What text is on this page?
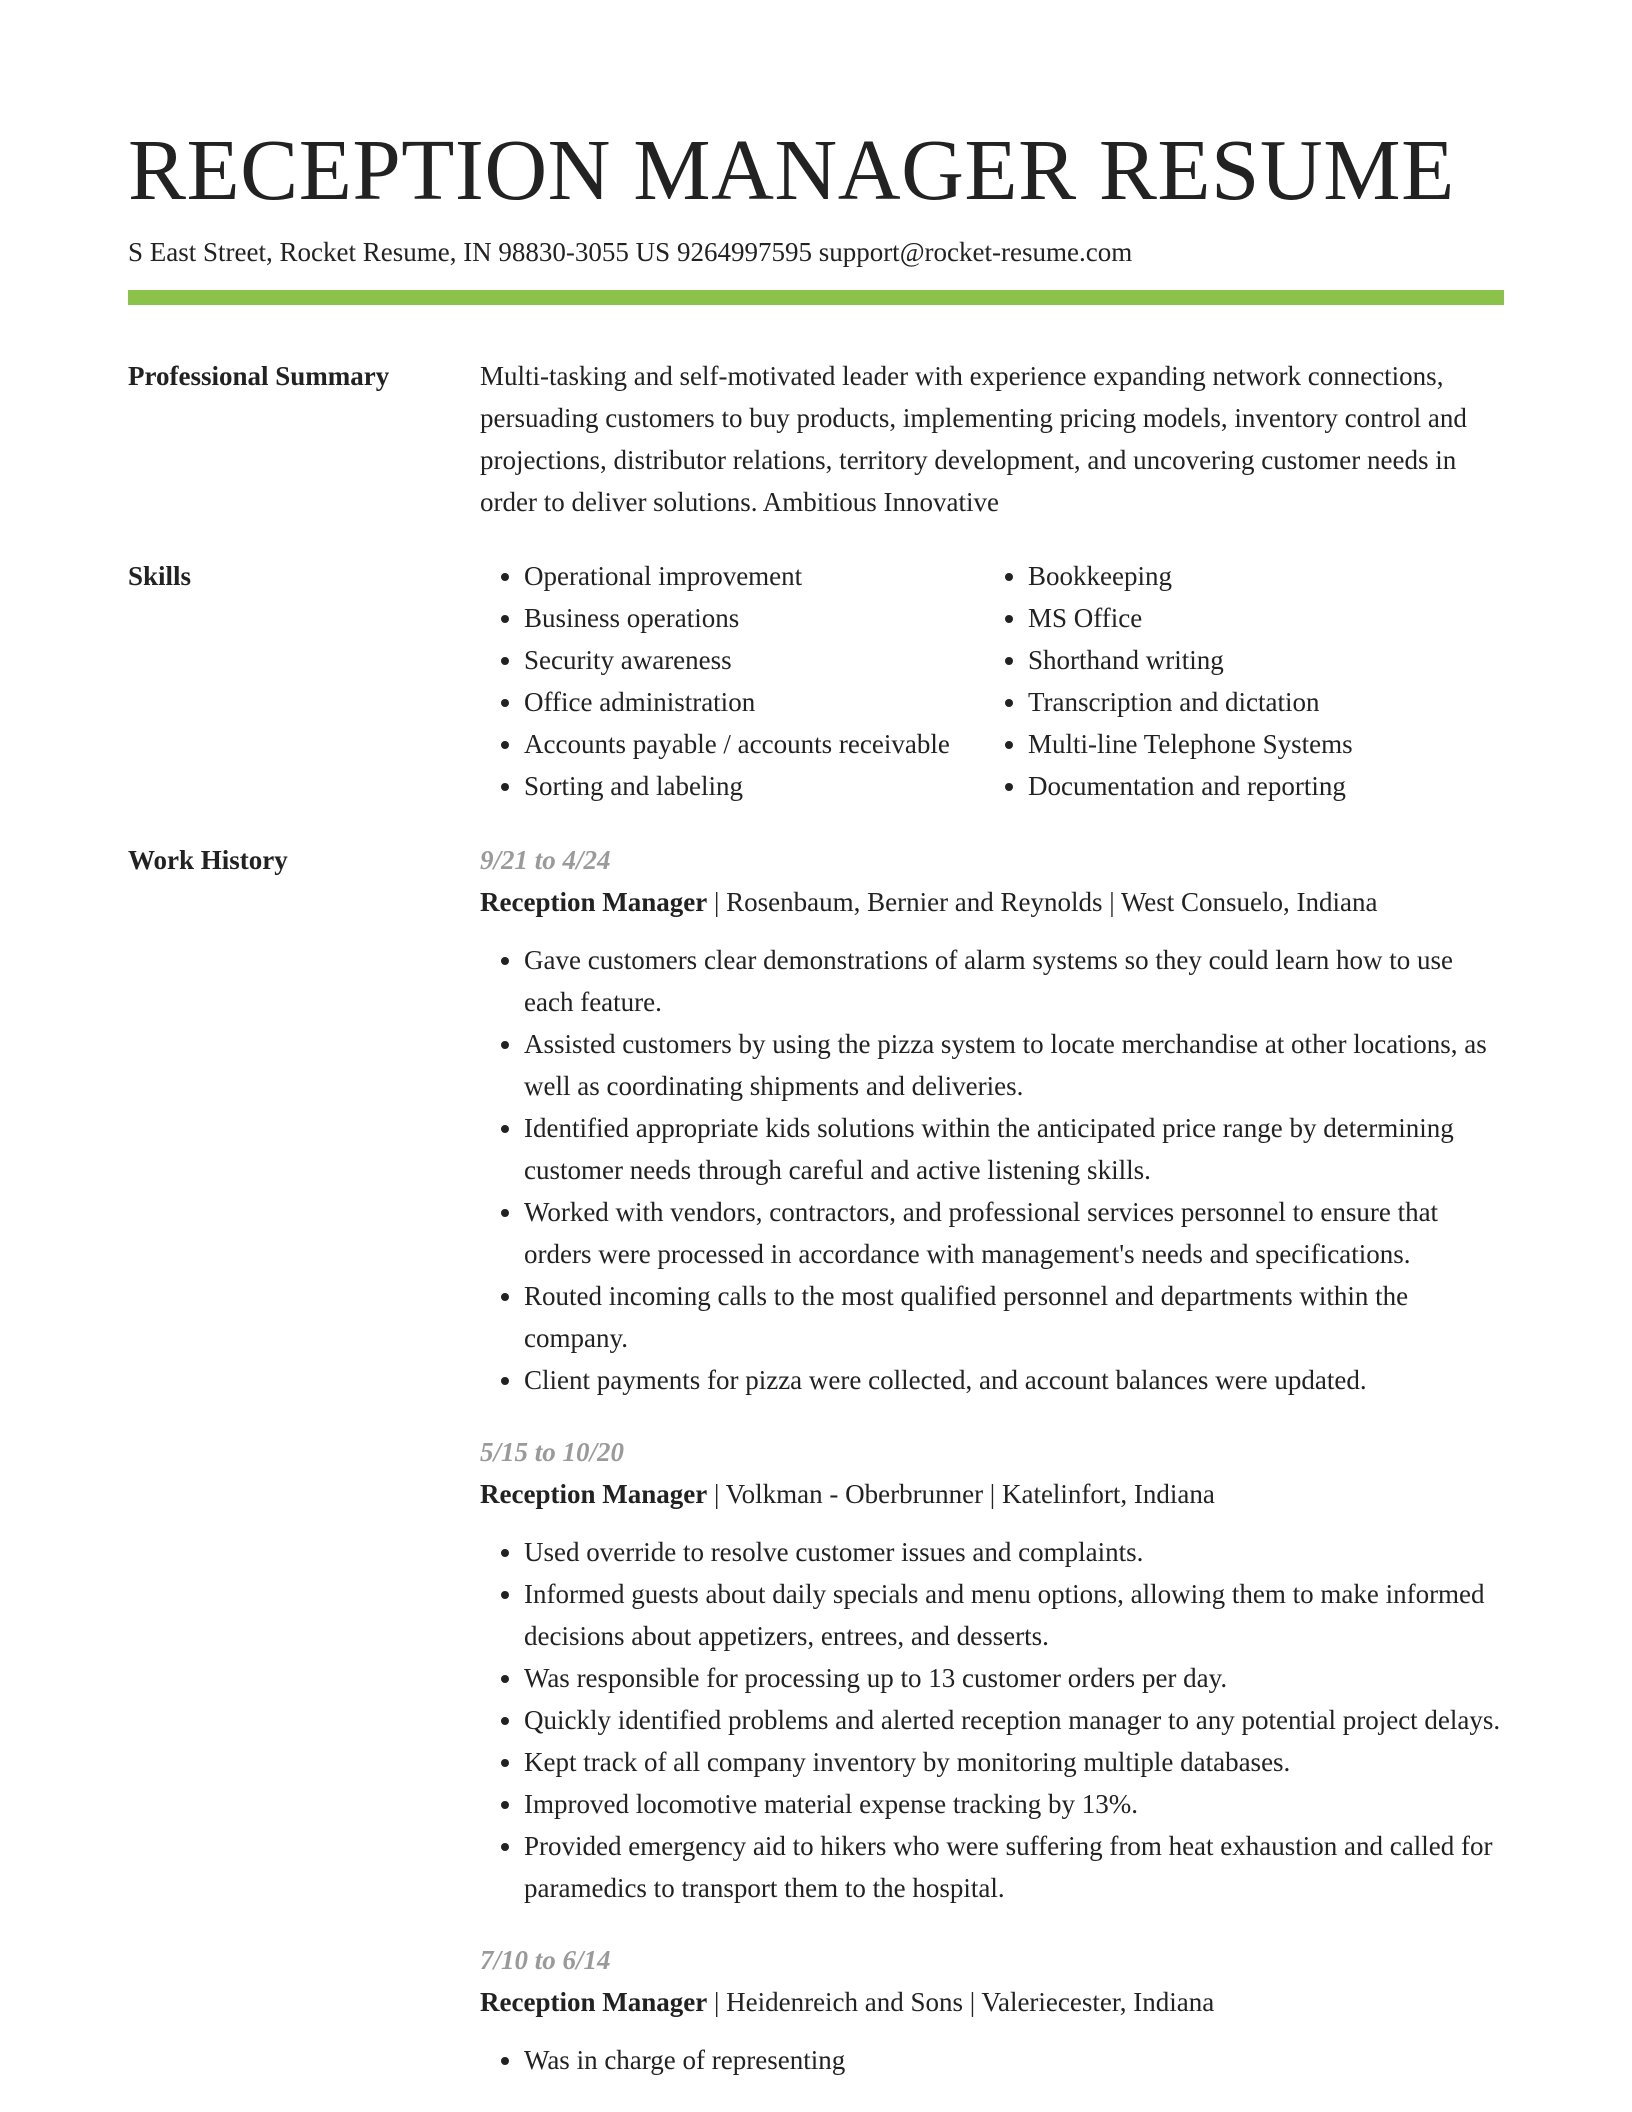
RECEPTION MANAGER RESUME
S East Street, Rocket Resume, IN 98830-3055 US 9264997595 support@rocket-resume.com
Professional Summary	Multi-tasking and self-motivated leader with experience expanding network connections, persuading customers to buy products, implementing pricing models, inventory control and projections, distributor relations, territory development, and uncovering customer needs in order to deliver solutions. Ambitious Innovative

Skills
•	Operational improvement
• Business operations
• Security awareness
• Office administration
• Accounts payable / accounts receivable
• Sorting and labeling
• Bookkeeping
• MS Office
• Shorthand writing
• Transcription and dictation
• Multi-line Telephone Systems
• Documentation and reporting
Work History	9/21 to 4/24
Reception Manager | Rosenbaum, Bernier and Reynolds | West Consuelo, Indiana
• Gave customers clear demonstrations of alarm systems so they could learn how to use each feature.
• Assisted customers by using the pizza system to locate merchandise at other locations, as well as coordinating shipments and deliveries.
• Identified appropriate kids solutions within the anticipated price range by determining customer needs through careful and active listening skills.
• Worked with vendors, contractors, and professional services personnel to ensure that orders were processed in accordance with management's needs and specifications.
• Routed incoming calls to the most qualified personnel and departments within the company.
• Client payments for pizza were collected, and account balances were updated.
5/15 to 10/20
Reception Manager | Volkman - Oberbrunner | Katelinfort, Indiana
• Used override to resolve customer issues and complaints.
• Informed guests about daily specials and menu options, allowing them to make informed decisions about appetizers, entrees, and desserts.
• Was responsible for processing up to 13 customer orders per day.
• Quickly identified problems and alerted reception manager to any potential project delays.
• Kept track of all company inventory by monitoring multiple databases.
• Improved locomotive material expense tracking by 13%.
• Provided emergency aid to hikers who were suffering from heat exhaustion and called for paramedics to transport them to the hospital.
7/10 to 6/14
Reception Manager | Heidenreich and Sons | Valeriecester, Indiana
• Was in charge of representing
